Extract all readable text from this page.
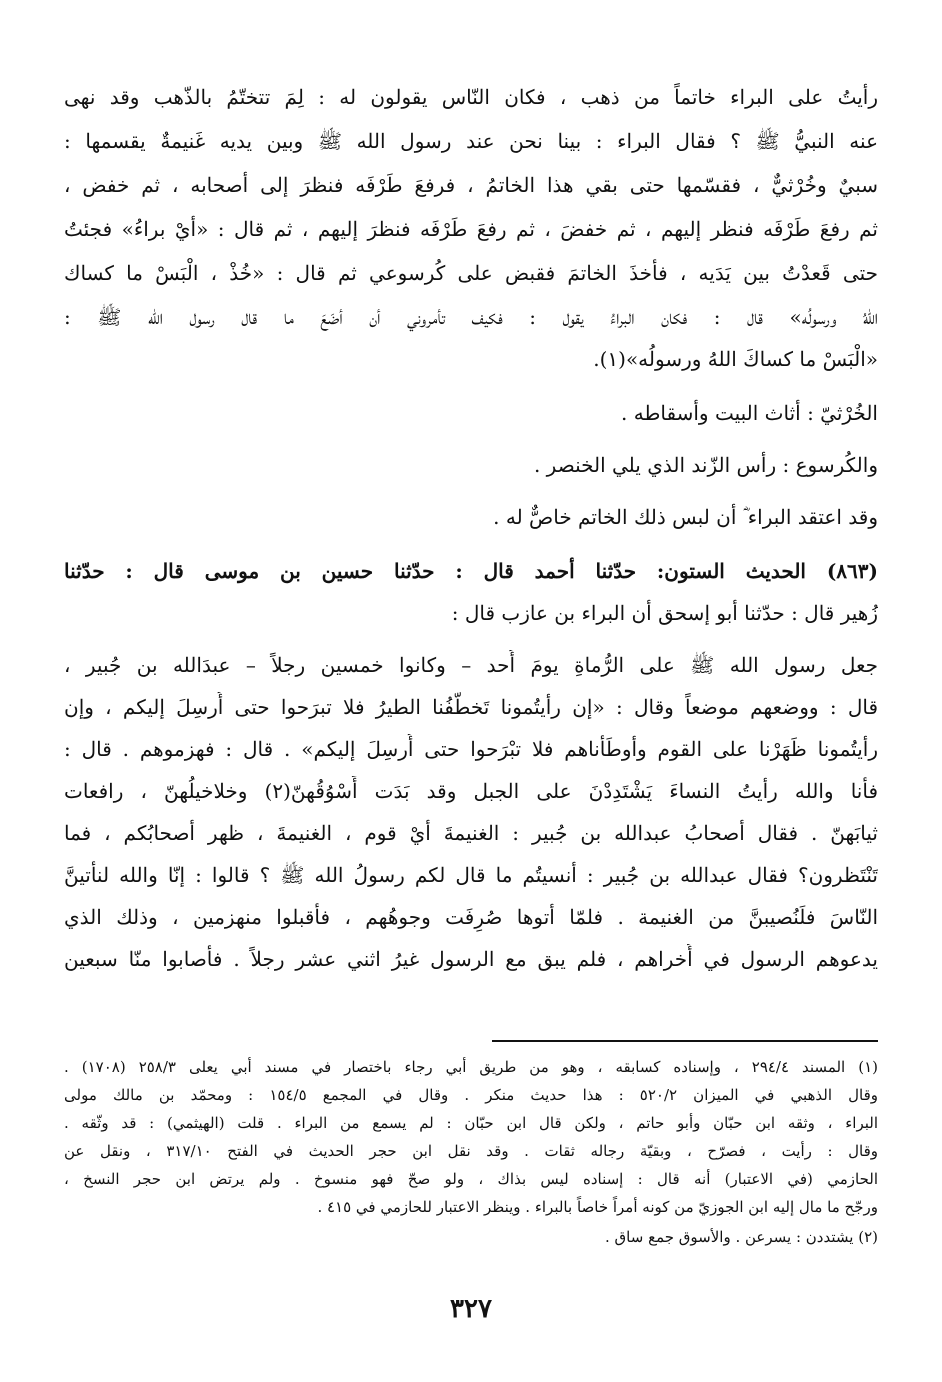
رأيتُ على البراء خاتماً من ذهب ، فكان النّاس يقولون له : لِمَ تتختّمُ بالذّهب وقد نهى
عنه النبيُّ ﷺ ؟ فقال البراء : بينا نحن عند رسول الله ﷺ وبين يديه غَنيمةٌ يقسمها :
سبيٌ وخُرْثيٌّ ، فقسّمها حتى بقي هذا الخاتمُ ، فرفعَ طَرْفَه فنظرَ إلى أصحابه ، ثم خفض ،
ثم رفعَ طَرْفَه فنظر إليهم ، ثم خفضَ ، ثم رفعَ طَرْفَه فنظرَ إليهم ، ثم قال : «أيْ براءُ» فجئتُ
حتى قَعدْتُ بين يَدَيه ، فأخذَ الخاتمَ فقبض على كُرسوعي ثم قال : «خُذْ ، الْبَسْ ما كساك
اللهُ ورسولُه» قال : فكان البراءُ يقول : فكيف تأمروني أن أضَعَ ما قال رسول الله ﷺ :
«الْبَسْ ما كساكَ اللهُ ورسولُه»(١).
الخُرْثيّ : أثاث البيت وأسقاطه .
والكُرسوع : رأس الزّند الذي يلي الخنصر .
وقد اعتقد البراء ؓ أن لبس ذلك الخاتم خاصٌّ له .
(٨٦٣) الحديث الستون: حدّثنا أحمد قال : حدّثنا حسين بن موسى قال : حدّثنا
زُهير قال : حدّثنا أبو إسحق أن البراء بن عازب قال :
جعل رسول الله ﷺ على الرُّماةِ يومَ أُحد – وكانوا خمسين رجلاً – عبدَالله بن جُبير ،
قال : ووضعهم موضعاً وقال : «إن رأيتُمونا تَخطّفُنا الطيرُ فلا تبرَحوا حتى أُرسِلَ إليكم ، وإن
رأيتُمونا ظَهَرْنا على القوم وأوطَأناهم فلا تبْرَحوا حتى أُرسِلَ إليكم» . قال : فهزموهم . قال :
فأنا والله رأيتُ النساءَ يَشْتَدِدْنَ على الجبل وقد بَدَت أَسْوُقُهنّ(٢) وخلاخيلُهنّ ، رافعات
ثيابَهنّ . فقال أصحابُ عبدالله بن جُبير : الغنيمةَ أيْ قوم ، الغنيمةَ ، ظهر أصحابُكم ، فما
تَنْتَظرون؟ فقال عبدالله بن جُبير : أنسيتُم ما قال لكم رسولُ الله ﷺ ؟ قالوا : إنّا والله لنأتينَّ
النّاسَ فلَنُصيبنَّ من الغنيمة . فلمّا أتوها صُرِفَت وجوهُهم ، فأقبلوا منهزمين ، وذلك الذي
يدعوهم الرسول في أُخراهم ، فلم يبق مع الرسول غيرُ اثني عشر رجلاً . فأصابوا منّا سبعين
(١) المسند ٢٩٤/٤ ، وإسناده كسابقه ، وهو من طريق أبي رجاء باختصار في مسند أبي يعلى ٢٥٨/٣ (١٧٠٨) .
وقال الذهبي في الميزان ٥٢٠/٢ : هذا حديث منكر . وقال في المجمع ١٥٤/٥ : ومحمّد بن مالك مولى
البراء ، وثقه ابن حبّان وأبو حاتم ، ولكن قال ابن حبّان : لم يسمع من البراء . قلت (الهيثمي) : قد وثّقه .
وقال : رأيت ، فصرّح ، وبقيّة رجاله ثقات . وقد نقل ابن حجر الحديث في الفتح ٣١٧/١٠ ، ونقل عن
الحازمي (في الاعتبار) أنه قال : إسناده ليس بذاك ، ولو صحّ فهو منسوخ . ولم يرتض ابن حجر النسخ ،
ورجّح ما مال إليه ابن الجوزيّ من كونه أمراً خاصاً بالبراء . وينظر الاعتبار للحازمي في ٤١٥ .
(٢) يشتددن : يسرعن . والأسوق جمع ساق .
٣٢٧
